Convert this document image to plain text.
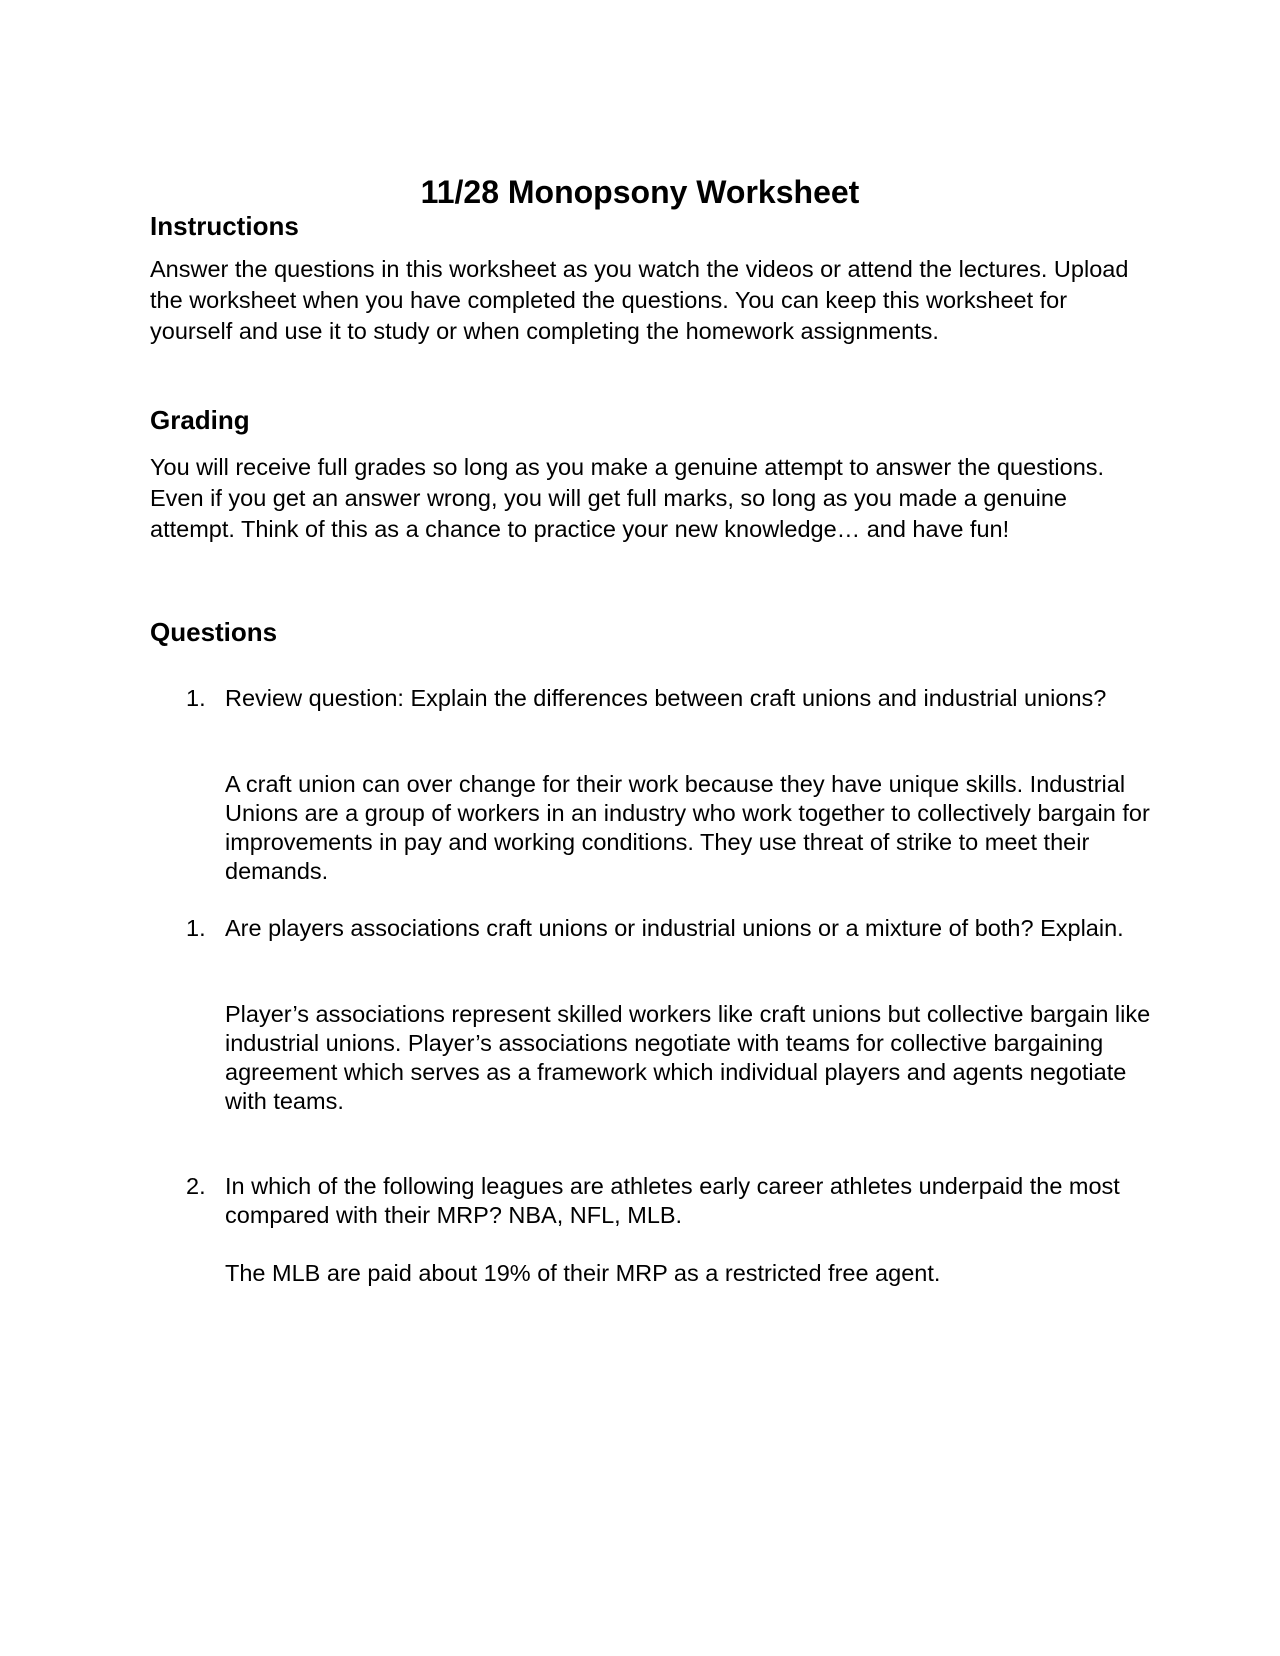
11/28 Monopsony Worksheet
Instructions
Answer the questions in this worksheet as you watch the videos or attend the lectures. Upload the worksheet when you have completed the questions. You can keep this worksheet for yourself and use it to study or when completing the homework assignments.
Grading
You will receive full grades so long as you make a genuine attempt to answer the questions. Even if you get an answer wrong, you will get full marks, so long as you made a genuine attempt. Think of this as a chance to practice your new knowledge… and have fun!
Questions
1. Review question: Explain the differences between craft unions and industrial unions?
A craft union can over change for their work because they have unique skills. Industrial Unions are a group of workers in an industry who work together to collectively bargain for improvements in pay and working conditions. They use threat of strike to meet their demands.
1. Are players associations craft unions or industrial unions or a mixture of both? Explain.
Player’s associations represent skilled workers like craft unions but collective bargain like industrial unions. Player’s associations negotiate with teams for collective bargaining agreement which serves as a framework which individual players and agents negotiate with teams.
2. In which of the following leagues are athletes early career athletes underpaid the most compared with their MRP? NBA, NFL, MLB.
The MLB are paid about 19% of their MRP as a restricted free agent.
